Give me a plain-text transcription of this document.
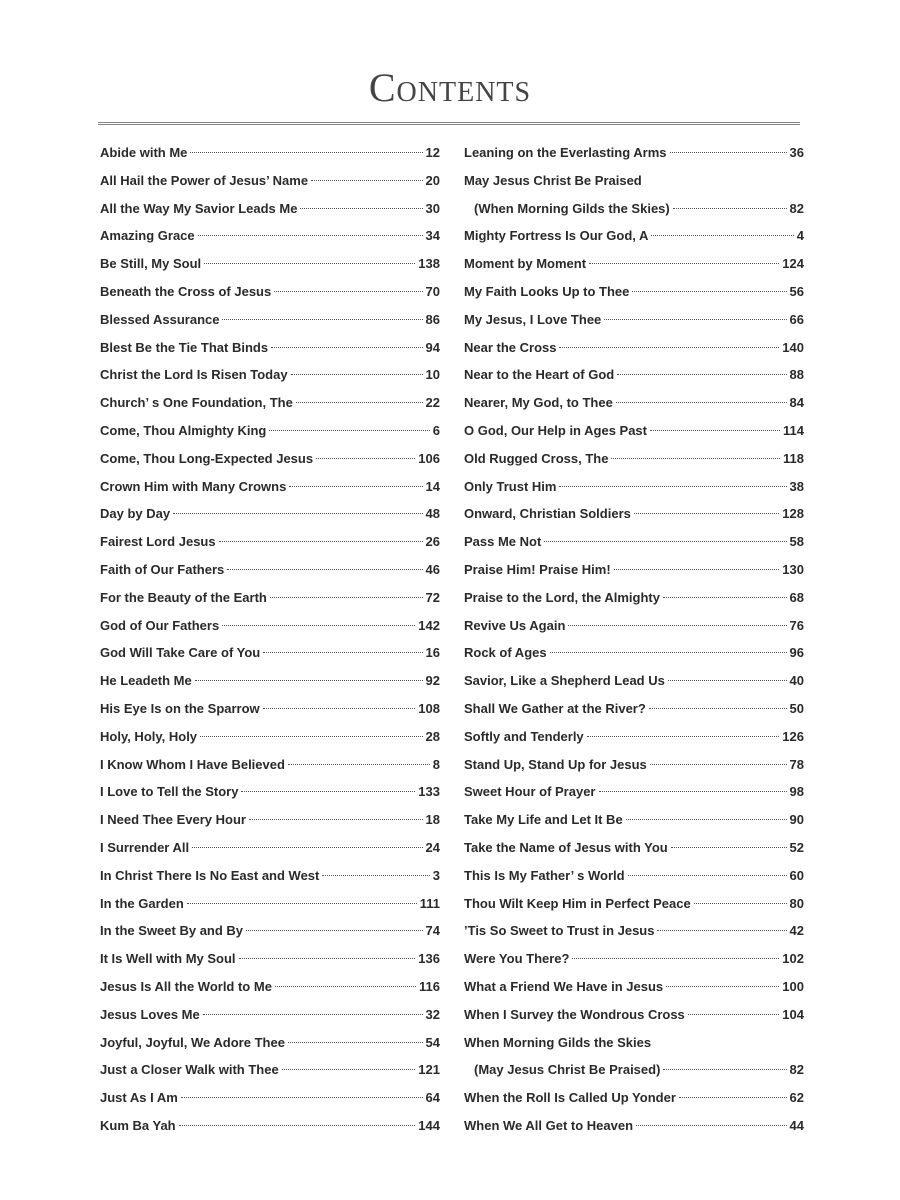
Contents
Abide with Me	12
All Hail the Power of Jesus’ Name	20
All the Way My Savior Leads Me	30
Amazing Grace	34
Be Still, My Soul	138
Beneath the Cross of Jesus	70
Blessed Assurance	86
Blest Be the Tie That Binds	94
Christ the Lord Is Risen Today	10
Church’ s One Foundation, The	22
Come, Thou Almighty King	6
Come, Thou Long-Expected Jesus	106
Crown Him with Many Crowns	14
Day by Day	48
Fairest Lord Jesus	26
Faith of Our Fathers	46
For the Beauty of the Earth	72
God of Our Fathers	142
God Will Take Care of You	16
He Leadeth Me	92
His Eye Is on the Sparrow	108
Holy, Holy, Holy	28
I Know Whom I Have Believed	8
I Love to Tell the Story	133
I Need Thee Every Hour	18
I Surrender All	24
In Christ There Is No East and West	3
In the Garden	111
In the Sweet By and By	74
It Is Well with My Soul	136
Jesus Is All the World to Me	116
Jesus Loves Me	32
Joyful, Joyful, We Adore Thee	54
Just a Closer Walk with Thee	121
Just As I Am	64
Kum Ba Yah	144
Leaning on the Everlasting Arms	36
May Jesus Christ Be Praised
(When Morning Gilds the Skies)	82
Mighty Fortress Is Our God, A	4
Moment by Moment	124
My Faith Looks Up to Thee	56
My Jesus, I Love Thee	66
Near the Cross	140
Near to the Heart of God	88
Nearer, My God, to Thee	84
O God, Our Help in Ages Past	114
Old Rugged Cross, The	118
Only Trust Him	38
Onward, Christian Soldiers	128
Pass Me Not	58
Praise Him! Praise Him!	130
Praise to the Lord, the Almighty	68
Revive Us Again	76
Rock of Ages	96
Savior, Like a Shepherd Lead Us	40
Shall We Gather at the River?	50
Softly and Tenderly	126
Stand Up, Stand Up for Jesus	78
Sweet Hour of Prayer	98
Take My Life and Let It Be	90
Take the Name of Jesus with You	52
This Is My Father’ s World	60
Thou Wilt Keep Him in Perfect Peace	80
’Tis So Sweet to Trust in Jesus	42
Were You There?	102
What a Friend We Have in Jesus	100
When I Survey the Wondrous Cross	104
When Morning Gilds the Skies
(May Jesus Christ Be Praised)	82
When the Roll Is Called Up Yonder	62
When We All Get to Heaven	44
